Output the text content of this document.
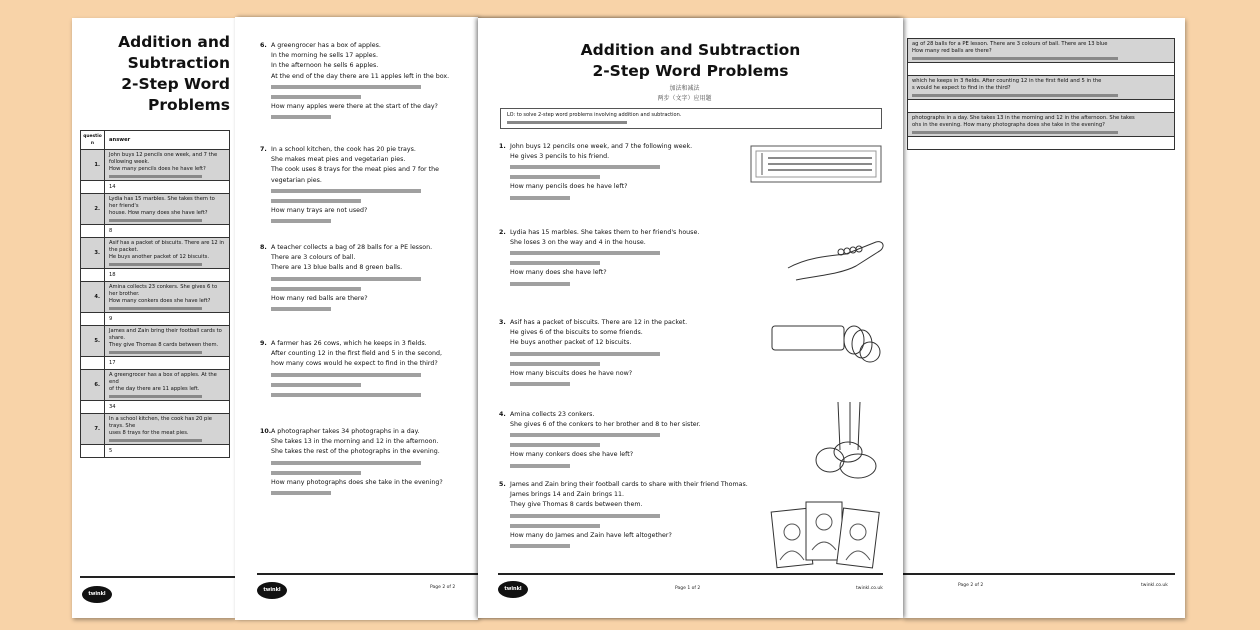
Addition and Subtraction
2-Step Word Problems
question	answer
1.	John buys 12 pencils one week, and 7 the following week.
How many pencils does he have left?

	14
2.	Lydia has 15 marbles. She takes them to her friend's
house. How many does she have left?

	8
3.	Asif has a packet of biscuits. There are 12 in the packet.
He buys another packet of 12 biscuits.

	18
4.	Amina collects 23 conkers. She gives 6 to her brother.
How many conkers does she have left?

	9
5.	James and Zain bring their football cards to share.
They give Thomas 8 cards between them.

	17
6.	A greengrocer has a box of apples. At the end
of the day there are 11 apples left.

	34
7.	In a school kitchen, the cook has 20 pie trays. She
uses 8 trays for the meat pies.

	5
twinkl
ag of 28 balls for a PE lesson. There are 3 colours of ball. There are 13 blue
How many red balls are there?

which he keeps in 3 fields. After counting 12 in the first field and 5 in the
s would he expect to find in the third?

photographs in a day. She takes 13 in the morning and 12 in the afternoon. She takes
ohs in the evening. How many photographs does she take in the evening?

Page 2 of 2	twinkl.co.uk
6. A greengrocer has a box of apples.
In the morning he sells 17 apples.
In the afternoon he sells 6 apples.
At the end of the day there are 11 apples left in the box.
How many apples were there at the start of the day?
7. In a school kitchen, the cook has 20 pie trays.
She makes meat pies and vegetarian pies.
The cook uses 8 trays for the meat pies and 7 for the vegetarian pies.
How many trays are not used?
8. A teacher collects a bag of 28 balls for a PE lesson.
There are 3 colours of ball.
There are 13 blue balls and 8 green balls.
How many red balls are there?
9. A farmer has 26 cows, which he keeps in 3 fields.
After counting 12 in the first field and 5 in the second,
how many cows would he expect to find in the third?
10. A photographer takes 34 photographs in a day.
She takes 13 in the morning and 12 in the afternoon.
She takes the rest of the photographs in the evening.
How many photographs does she take in the evening?
twinkl	Page 2 of 2
Addition and Subtraction
2-Step Word Problems
加法和减法
两步（文字）应用题
LO: to solve 2-step word problems involving addition and subtraction.
1. John buys 12 pencils one week, and 7 the following week.
He gives 3 pencils to his friend.
How many pencils does he have left?
2. Lydia has 15 marbles. She takes them to her friend's house.
She loses 3 on the way and 4 in the house.
How many does she have left?
3. Asif has a packet of biscuits. There are 12 in the packet.
He gives 6 of the biscuits to some friends.
He buys another packet of 12 biscuits.
How many biscuits does he have now?
4. Amina collects 23 conkers.
She gives 6 of the conkers to her brother and 8 to her sister.
How many conkers does she have left?
5. James and Zain bring their football cards to share with their friend Thomas.
James brings 14 and Zain brings 11.
They give Thomas 8 cards between them.
How many do James and Zain have left altogether?
twinkl	Page 1 of 2	twinkl.co.uk
